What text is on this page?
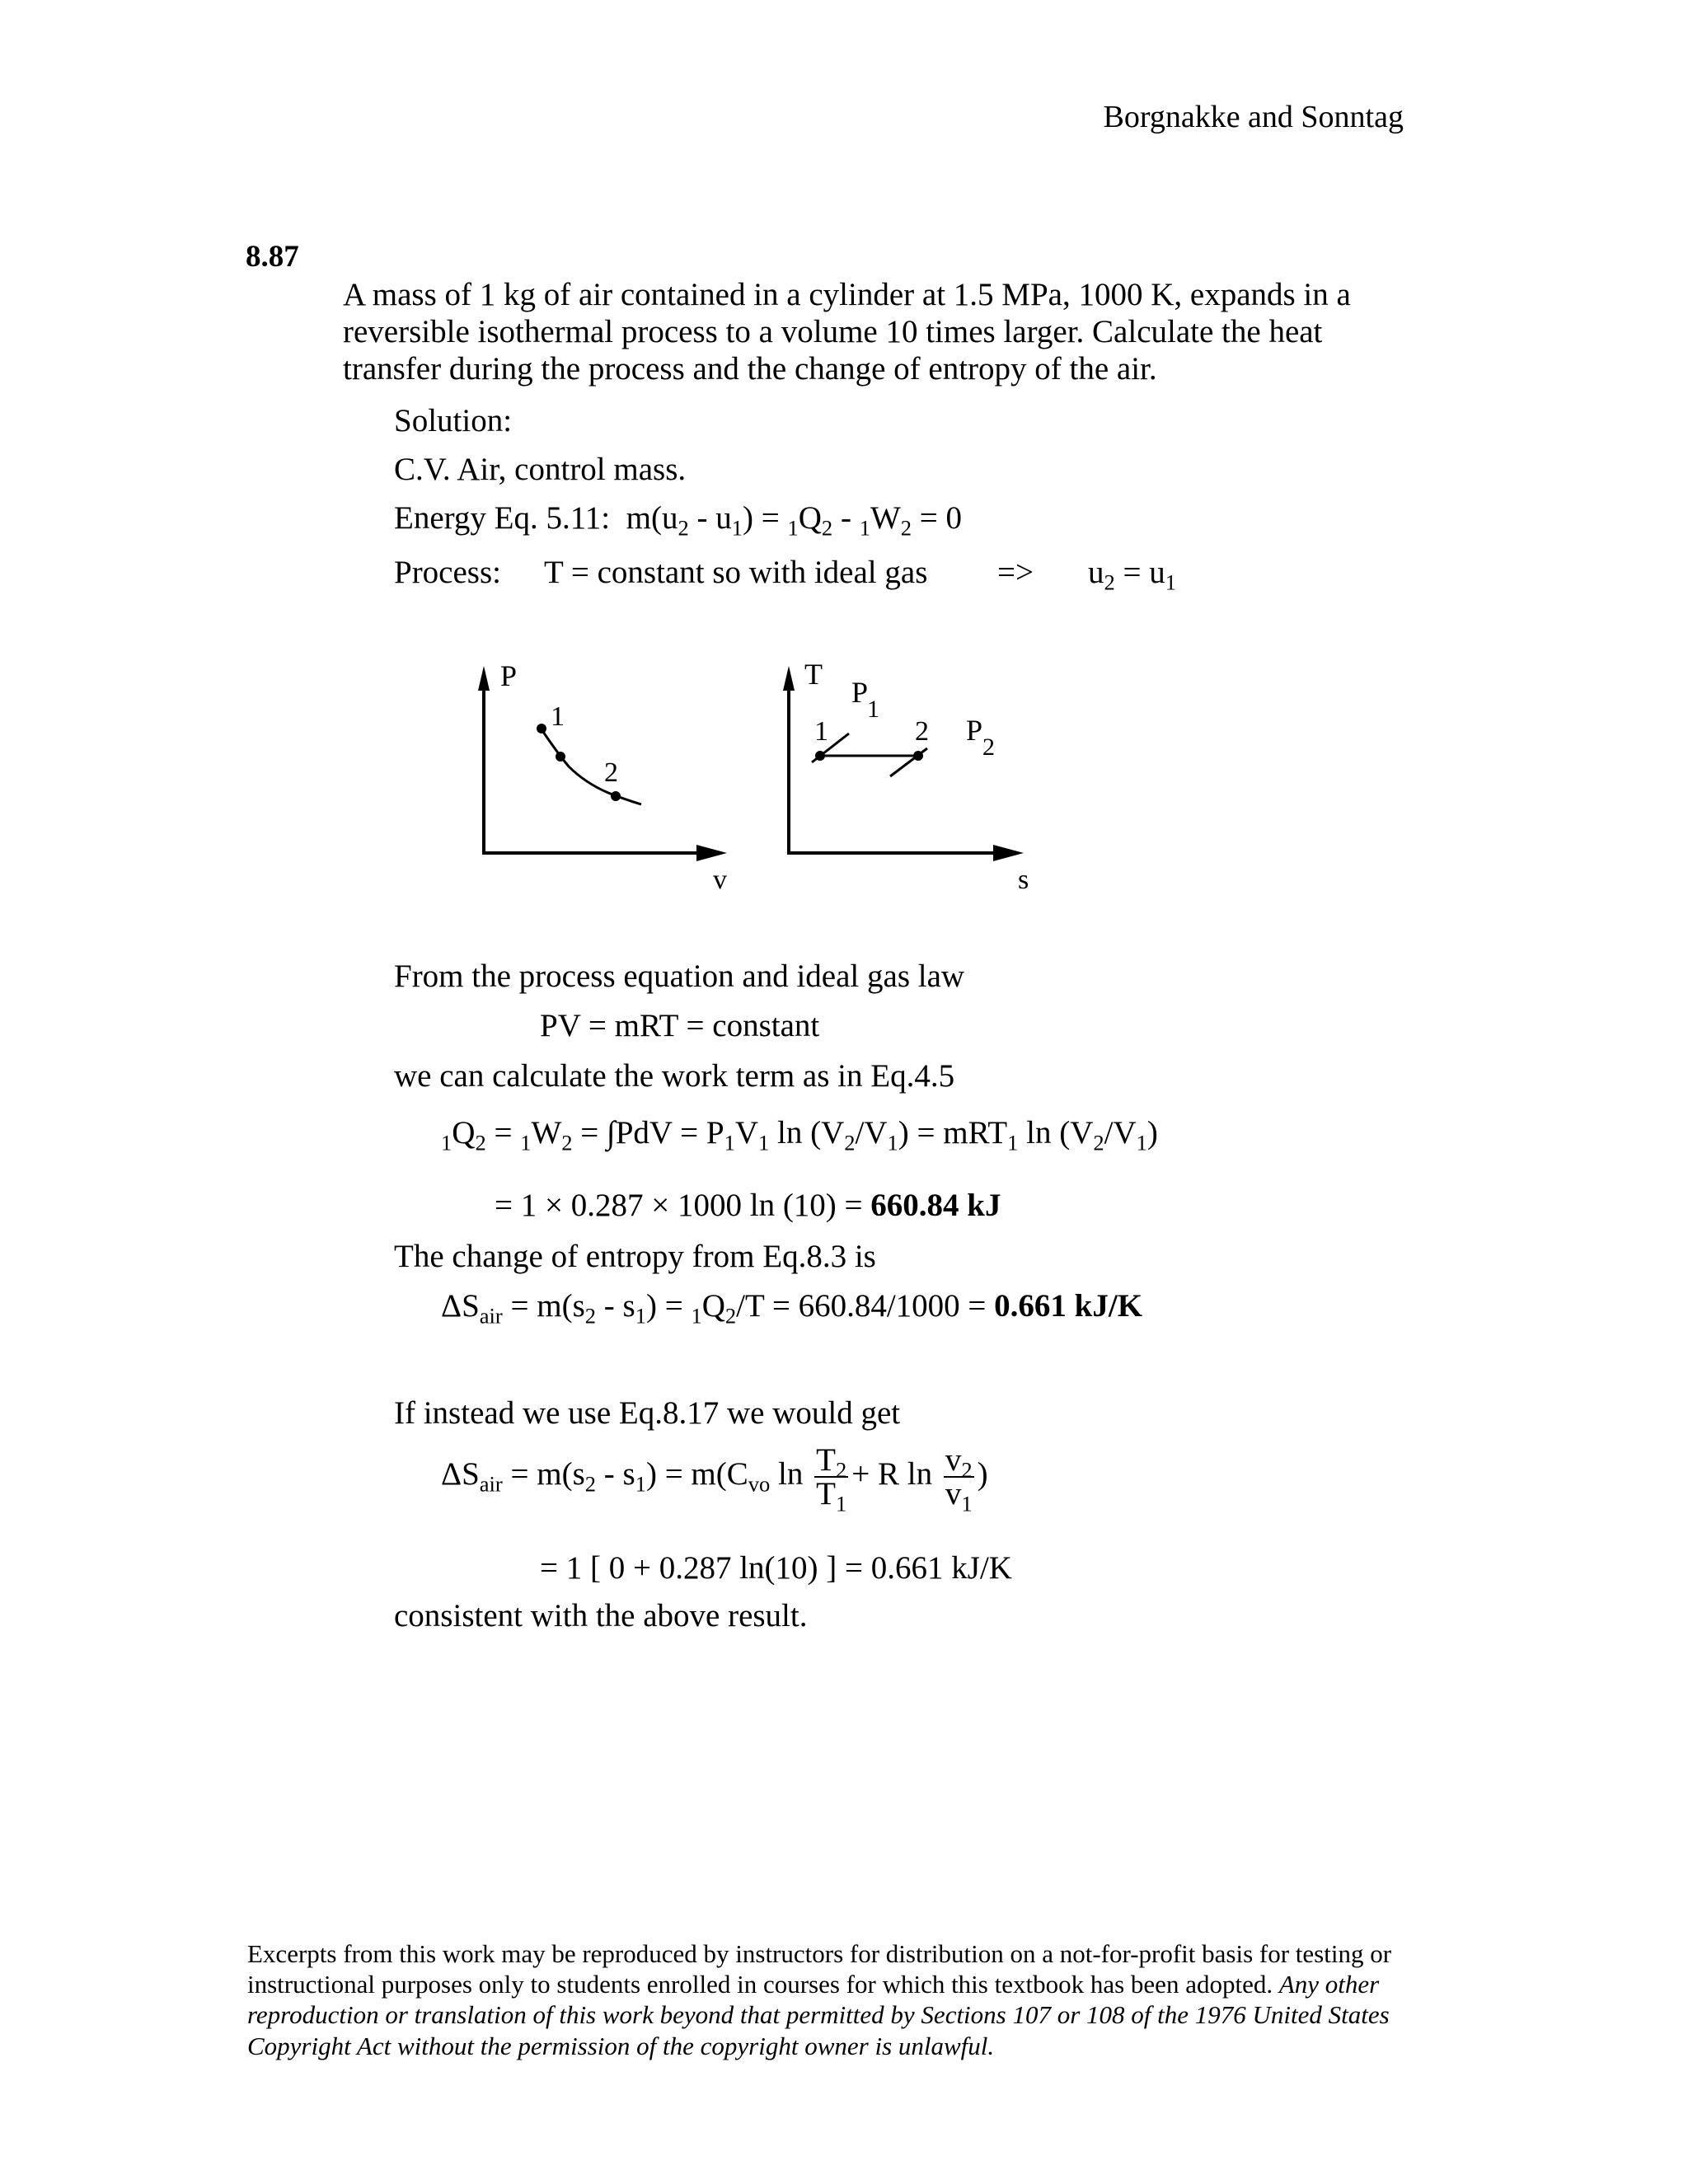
Borgnakke and Sonntag
8.87
A mass of 1 kg of air contained in a cylinder at 1.5 MPa, 1000 K, expands in a
reversible isothermal process to a volume 10 times larger. Calculate the heat
transfer during the process and the change of entropy of the air.
Solution:
C.V. Air, control mass.
Energy Eq. 5.11:  $m(u_2 - u_1) = _1Q_2 - _1W_2 = 0$
Process: T = constant so with ideal gas => $u_2 = u_1$
P
v
1
2
T
s
1	2
P
1
P
2
From the process equation and ideal gas law
PV = mRT = constant
we can calculate the work term as in Eq.4.5
$_1Q_2 = _1W_2 = \int PdV = P_1V_1$ $\ln (V_2/V_1) = mRT_1$ $\ln (V_2/V_1)$
= 1 × 0.287 × 1000 ln (10) = 660.84 kJ
The change of entropy from Eq.8.3 is
$\Delta S_{air} = m(s_2 - s_1) = _1Q_2/T = 660.84/1000 = 0.661$ kJ/K
If instead we use Eq.8.17 we would get
$\Delta S_{air} = m(s_2 - s_1) = m(C_{vo}$ $\ln \frac{T_2}{T_1} + R$ $\ln \frac{v_2}{v_1}$ )
= 1 [ 0 + 0.287 ln(10) ] = 0.661 kJ/K
consistent with the above result.
Excerpts from this work may be reproduced by instructors for distribution on a not-for-profit basis for testing or instructional purposes only to students enrolled in courses for which this textbook has been adopted. Any other reproduction or translation of this work beyond that permitted by Sections 107 or 108 of the 1976 United States Copyright Act without the permission of the copyright owner is unlawful.
